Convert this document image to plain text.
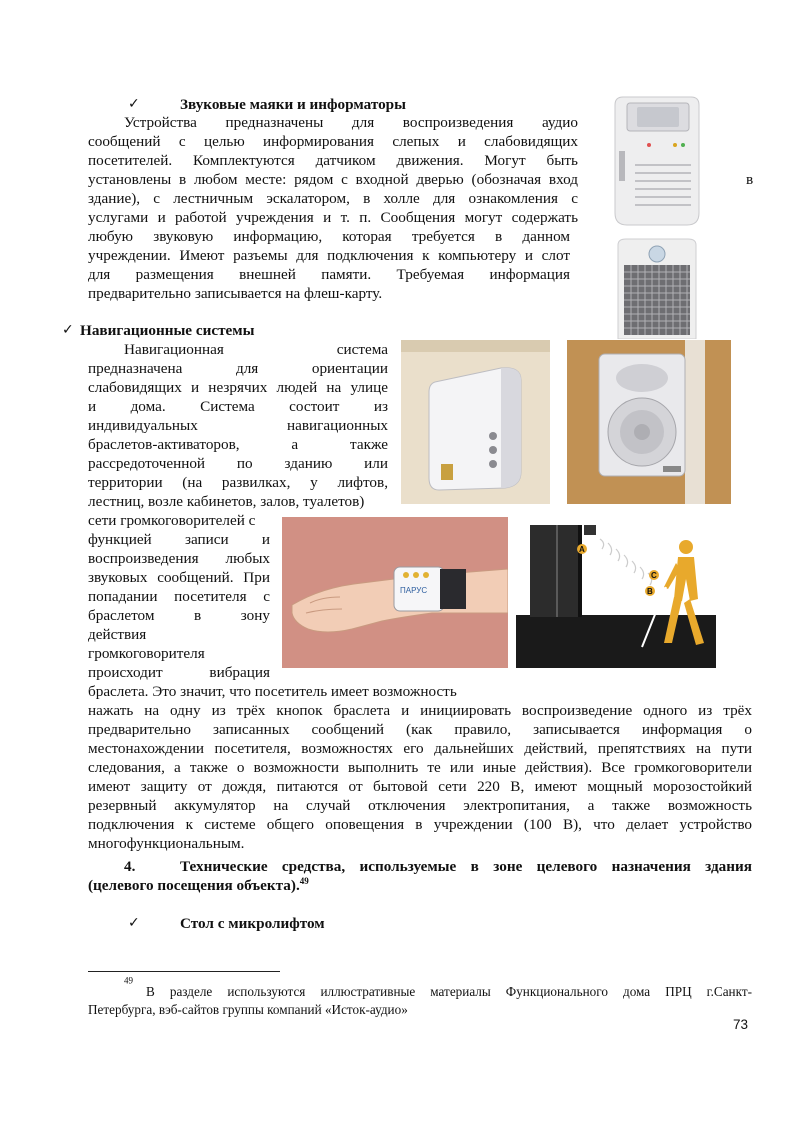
✓	Звуковые маяки и информаторы
Устройства предназначены для воспроизведения аудио
сообщений с целью информирования слепых и слабовидящих
посетителей. Комплектуются датчиком движения. Могут быть
установлены в любом месте: рядом с входной дверью (обозначая вход
здание), с лестничным эскалатором, в холле для ознакомления с
услугами и работой учреждения и т. п. Сообщения могут содержать
любую звуковую информацию, которая требуется в данном
учреждении. Имеют разъемы для подключения к компьютеру и слот
для размещения внешней памяти. Требуемая информация
предварительно записывается на флеш-карту.
в
✓ Навигационные системы
Навигационная система
предназначена для ориентации
слабовидящих и незрячих людей на улице
и дома. Система состоит из
индивидуальных навигационных
браслетов-активаторов, а также
рассредоточенной по зданию или
территории (на развилках, у лифтов,
лестниц, возле кабинетов, залов, туалетов)
сети громкоговорителей с
функцией записи и
воспроизведения любых
звуковых сообщений. При
попадании посетителя с
браслетом в зону
действия
громкоговорителя
происходит вибрация
браслета. Это значит, что посетитель имеет возможность
нажать на одну из трёх кнопок браслета и инициировать воспроизведение одного из трёх
предварительно записанных сообщений (как правило, записывается информация о
местонахождении посетителя, возможностях его дальнейших действий, препятствиях на пути
следования, а также о возможности выполнить те или иные действия). Все громкоговорители
имеют защиту от дождя, питаются от бытовой сети 220 В, имеют мощный морозостойкий
резервный аккумулятор на случай отключения электропитания, а также возможность
подключения к системе общего оповещения в учреждении (100 В), что делает устройство
многофункциональным.
ПАРУС
A
B
C
4.	Технические средства, используемые в зоне целевого назначения здания
(целевого посещения объекта).$^{49}$
✓	Стол с микролифтом
$^{49}$
В разделе используются иллюстративные материалы Функционального дома ПРЦ г.Санкт-
Петербурга, вэб-сайтов группы компаний «Исток-аудио»
73
